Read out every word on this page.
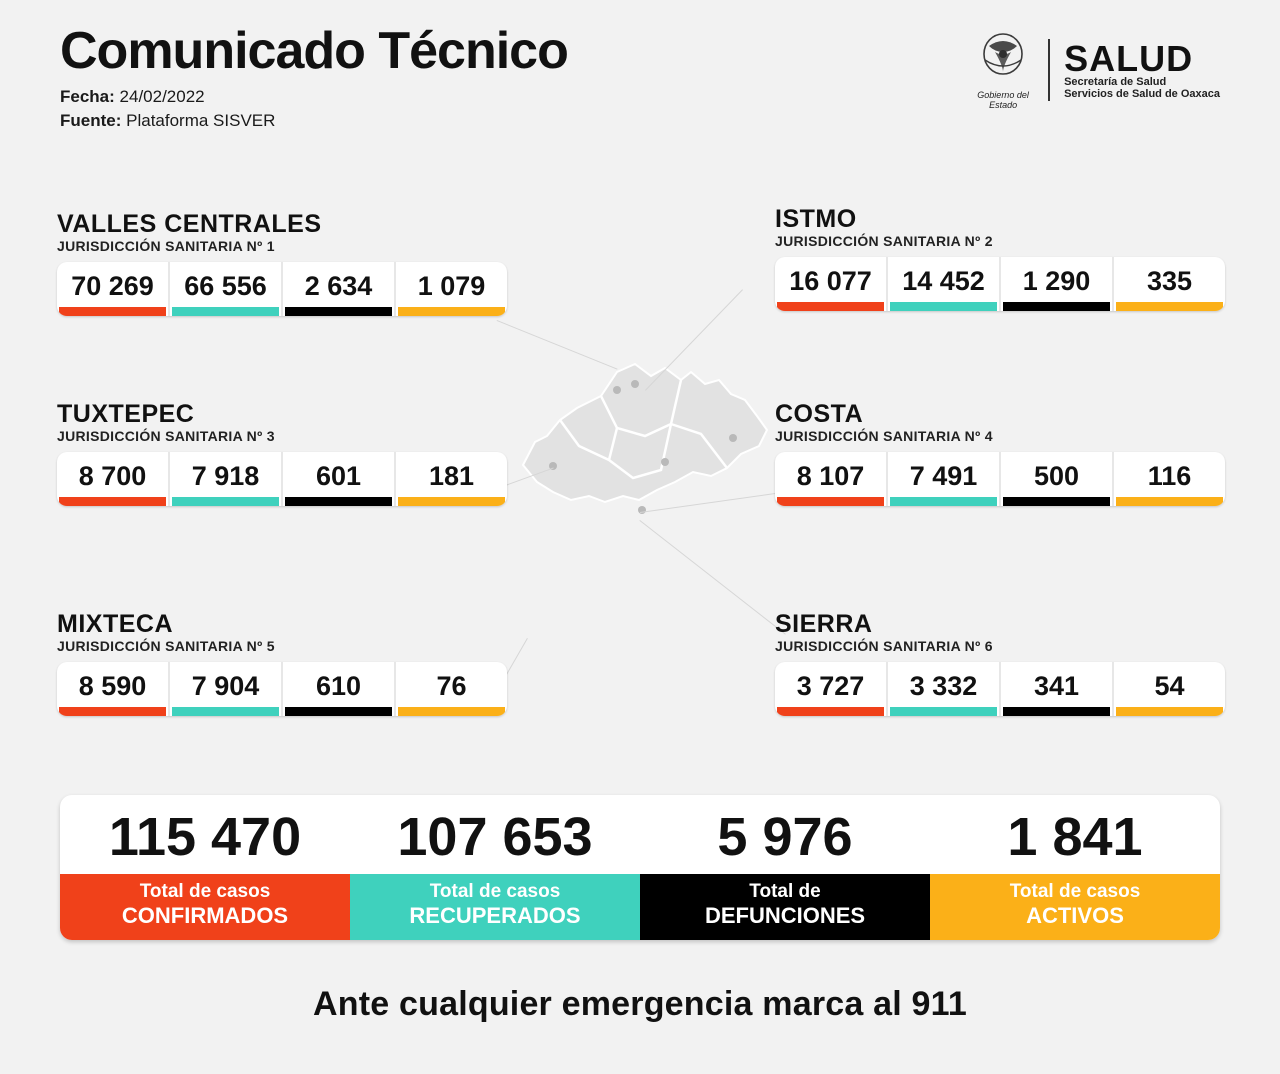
Comunicado Técnico
Fecha: 24/02/2022
Fuente: Plataforma SISVER
Gobierno del Estado
SALUD
Secretaría de Salud
Servicios de Salud de Oaxaca
VALLES CENTRALES
JURISDICCIÓN SANITARIA Nº 1
70 269	66 556	2 634	1 079
ISTMO
JURISDICCIÓN SANITARIA Nº 2
16 077	14 452	1 290	335
TUXTEPEC
JURISDICCIÓN SANITARIA Nº 3
8 700	7 918	601	181
COSTA
JURISDICCIÓN SANITARIA Nº 4
8 107	7 491	500	116
MIXTECA
JURISDICCIÓN SANITARIA Nº 5
8 590	7 904	610	76
SIERRA
JURISDICCIÓN SANITARIA Nº 6
3 727	3 332	341	54
115 470
Total de casos
CONFIRMADOS
107 653
Total de casos
RECUPERADOS
5 976
Total de
DEFUNCIONES
1 841
Total de casos
ACTIVOS
Ante cualquier emergencia marca al 911
